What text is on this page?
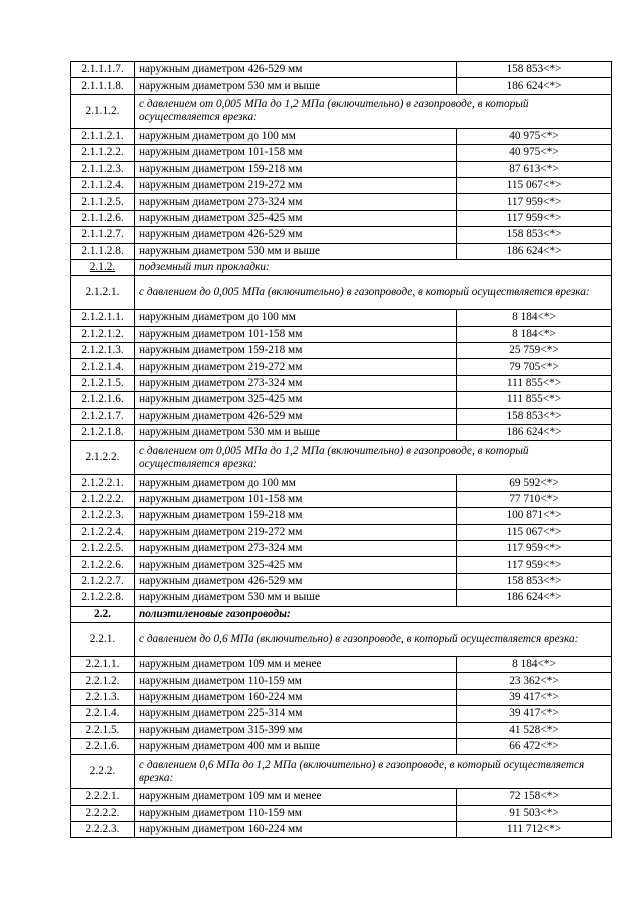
2.1.1.1.7.	наружным диаметром 426-529 мм	158 853<*>
2.1.1.1.8.	наружным диаметром 530 мм и выше	186 624<*>
2.1.1.2.	с давлением от 0,005 МПа до 1,2 МПа (включительно) в газопроводе, в который осуществляется врезка:	
2.1.1.2.1.	наружным диаметром до 100 мм	40 975<*>
2.1.1.2.2.	наружным диаметром 101-158 мм	40 975<*>
2.1.1.2.3.	наружным диаметром 159-218 мм	87 613<*>
2.1.1.2.4.	наружным диаметром 219-272 мм	115 067<*>
2.1.1.2.5.	наружным диаметром 273-324 мм	117 959<*>
2.1.1.2.6.	наружным диаметром 325-425 мм	117 959<*>
2.1.1.2.7.	наружным диаметром 426-529 мм	158 853<*>
2.1.1.2.8.	наружным диаметром 530 мм и выше	186 624<*>
2.1.2.	подземный тип прокладки:	
2.1.2.1.	с давлением до 0,005 МПа (включительно) в газопроводе, в который осуществляется врезка:	
2.1.2.1.1.	наружным диаметром до 100 мм	8 184<*>
2.1.2.1.2.	наружным диаметром 101-158 мм	8 184<*>
2.1.2.1.3.	наружным диаметром 159-218 мм	25 759<*>
2.1.2.1.4.	наружным диаметром 219-272 мм	79 705<*>
2.1.2.1.5.	наружным диаметром 273-324 мм	111 855<*>
2.1.2.1.6.	наружным диаметром 325-425 мм	111 855<*>
2.1.2.1.7.	наружным диаметром 426-529 мм	158 853<*>
2.1.2.1.8.	наружным диаметром 530 мм и выше	186 624<*>
2.1.2.2.	с давлением от 0,005 МПа до 1,2 МПа (включительно) в газопроводе, в который осуществляется врезка:	
2.1.2.2.1.	наружным диаметром до 100 мм	69 592<*>
2.1.2.2.2.	наружным диаметром 101-158 мм	77 710<*>
2.1.2.2.3.	наружным диаметром 159-218 мм	100 871<*>
2.1.2.2.4.	наружным диаметром 219-272 мм	115 067<*>
2.1.2.2.5.	наружным диаметром 273-324 мм	117 959<*>
2.1.2.2.6.	наружным диаметром 325-425 мм	117 959<*>
2.1.2.2.7.	наружным диаметром 426-529 мм	158 853<*>
2.1.2.2.8.	наружным диаметром 530 мм и выше	186 624<*>
2.2.	полиэтиленовые газопроводы:	
2.2.1.	с давлением до 0,6 МПа (включительно) в газопроводе, в который осуществляется врезка:	
2.2.1.1.	наружным диаметром 109 мм и менее	8 184<*>
2.2.1.2.	наружным диаметром 110-159 мм	23 362<*>
2.2.1.3.	наружным диаметром 160-224 мм	39 417<*>
2.2.1.4.	наружным диаметром 225-314 мм	39 417<*>
2.2.1.5.	наружным диаметром 315-399 мм	41 528<*>
2.2.1.6.	наружным диаметром 400 мм и выше	66 472<*>
2.2.2.	с давлением 0,6 МПа до 1,2 МПа (включительно) в газопроводе, в который осуществляется врезка:	
2.2.2.1.	наружным диаметром 109 мм и менее	72 158<*>
2.2.2.2.	наружным диаметром 110-159 мм	91 503<*>
2.2.2.3.	наружным диаметром 160-224 мм	111 712<*>
